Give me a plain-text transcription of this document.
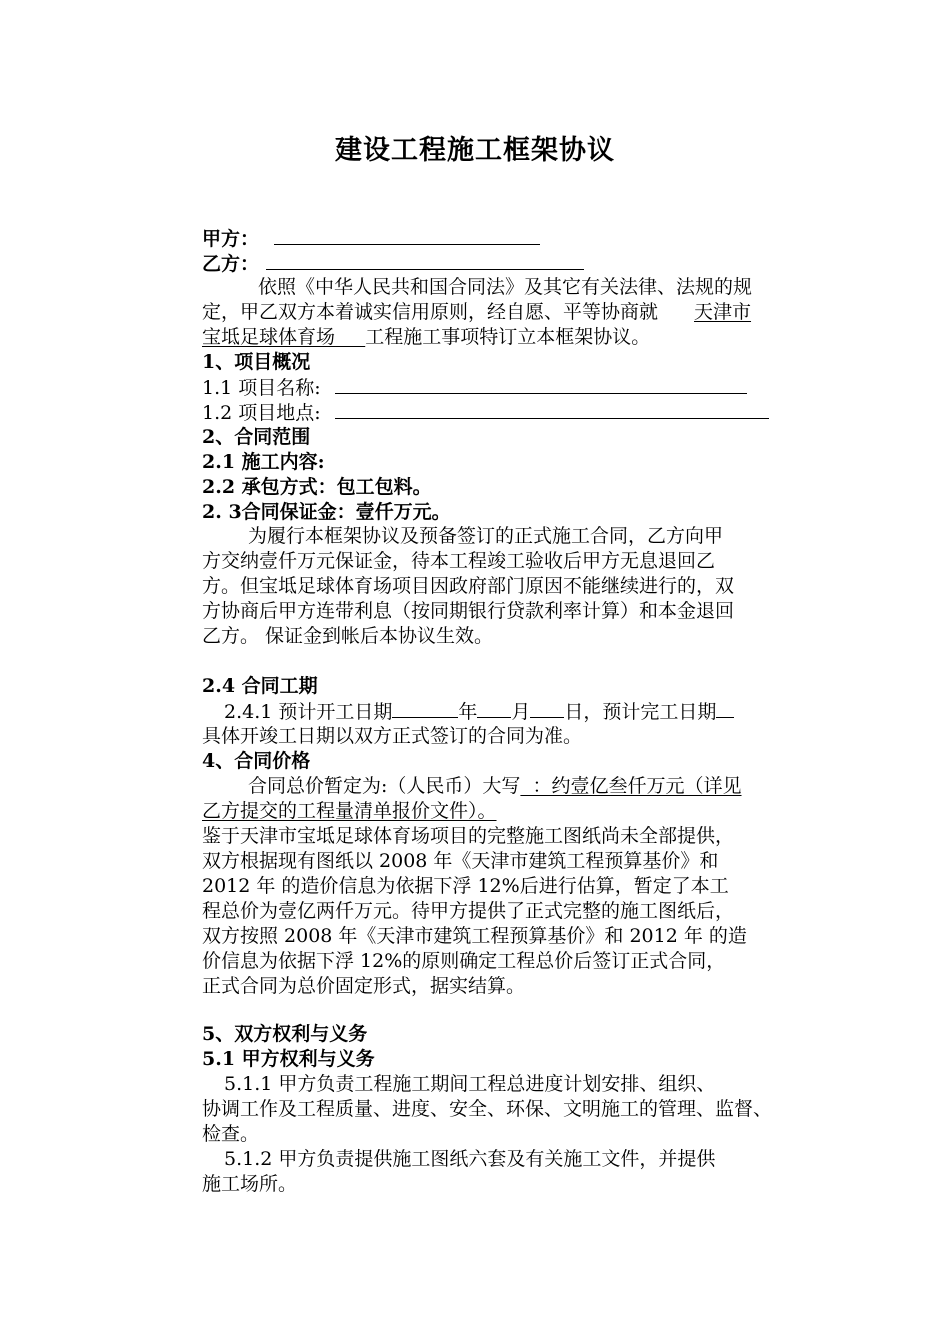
建设工程施工框架协议
甲方：
乙方：
依照《中华人民共和国合同法》及其它有关法律、法规的规
定，甲乙双方本着诚实信用原则，经自愿、平等协商就 天津市
宝坻足球体育场 工程施工事项特订立本框架协议。
1、项目概况
1.1 项目名称:
1.2 项目地点:
2、合同范围
2.1 施工内容:
2.2 承包方式：包工包料。
2. 3合同保证金：壹仟万元。
为履行本框架协议及预备签订的正式施工合同，乙方向甲
方交纳壹仟万元保证金，待本工程竣工验收后甲方无息退回乙
方。但宝坻足球体育场项目因政府部门原因不能继续进行的，双
方协商后甲方连带利息（按同期银行贷款利率计算）和本金退回
乙方。 保证金到帐后本协议生效。
2.4 合同工期
2.4.1 预计开工日期	年 月 日，预计完工日期
具体开竣工日期以双方正式签订的合同为准。
4、合同价格
合同总价暂定为:（人民币）大写 ：约壹亿叁仟万元（详见
乙方提交的工程量清单报价文件）。
鉴于天津市宝坻足球体育场项目的完整施工图纸尚未全部提供，
双方根据现有图纸以 2008 年《天津市建筑工程预算基价》和
2012 年 的造价信息为依据下浮 12%后进行估算，暂定了本工
程总价为壹亿两仟万元。待甲方提供了正式完整的施工图纸后，
双方按照 2008 年《天津市建筑工程预算基价》和 2012 年 的造
价信息为依据下浮 12%的原则确定工程总价后签订正式合同，
正式合同为总价固定形式，据实结算。
5、双方权利与义务
5.1 甲方权利与义务
5.1.1 甲方负责工程施工期间工程总进度计划安排、组织、
协调工作及工程质量、进度、安全、环保、文明施工的管理、监督、
检查。
5.1.2 甲方负责提供施工图纸六套及有关施工文件，并提供
施工场所。
